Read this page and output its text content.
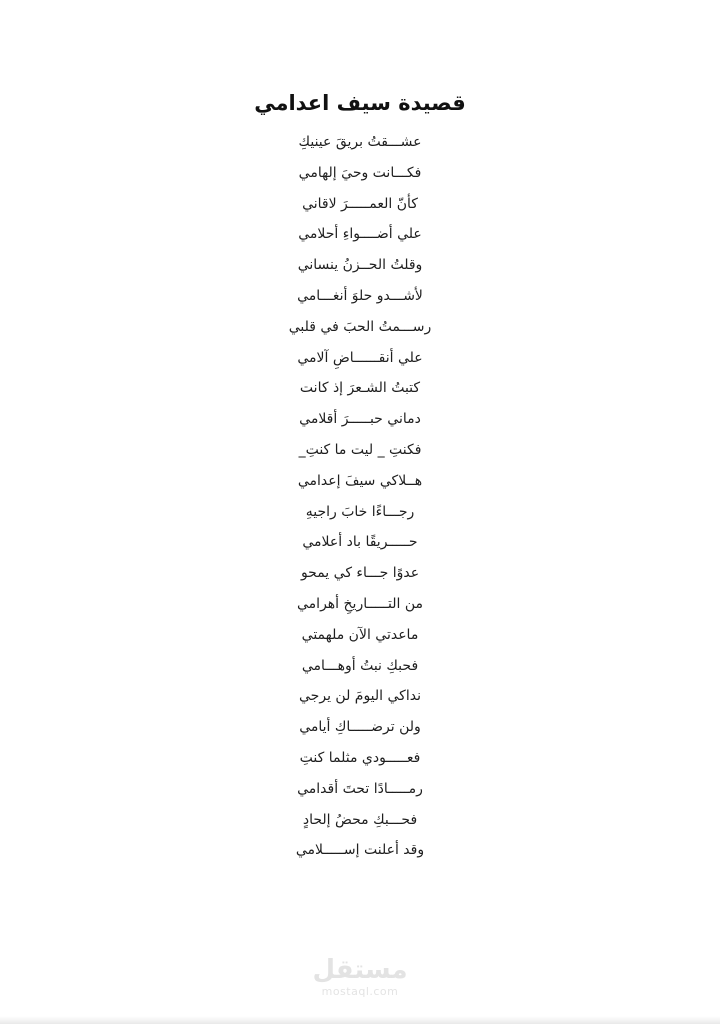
قصيدة سيف اعدامي
عشـــقتُ بريقَ عينيكِ
فكـــانت وحيَ إلهامي
كأنّ العمـــــرَ لاقاني
علي أضــــواءِ أحلامي
وقلتُ الحــزنُ ينساني
لأشـــدو حلوَ أنغـــامي
رســـمتُ الحبَ في قلبي
علي أنقــــــاضِ آلامي
كتبتُ الشـعرَ إذ كانت
دماني حبـــــرَ أقلامي
فكنتِ _ ليت ما كنتِ_
هــلاكي سيفَ إعدامي
رجـــاءًا خابَ راجيهِ
حـــــريقًا باد أعلامي
عدوًا جـــاء كي يمحو
من التـــــاريخِ أهرامي
ماعدتي الآن ملهمتي
فحبكِ نبتُ أوهـــامي
نداكي اليومَ لن يرجي
ولن ترضـــــاكِ أيامي
فعـــــودي مثلما كنتِ
رمـــــادًا تحتَ أقدامي
فحـــبكِ محضُ إلحادٍ
وقد أعلنت إســـــلامي
مستقل
mostaql.com
